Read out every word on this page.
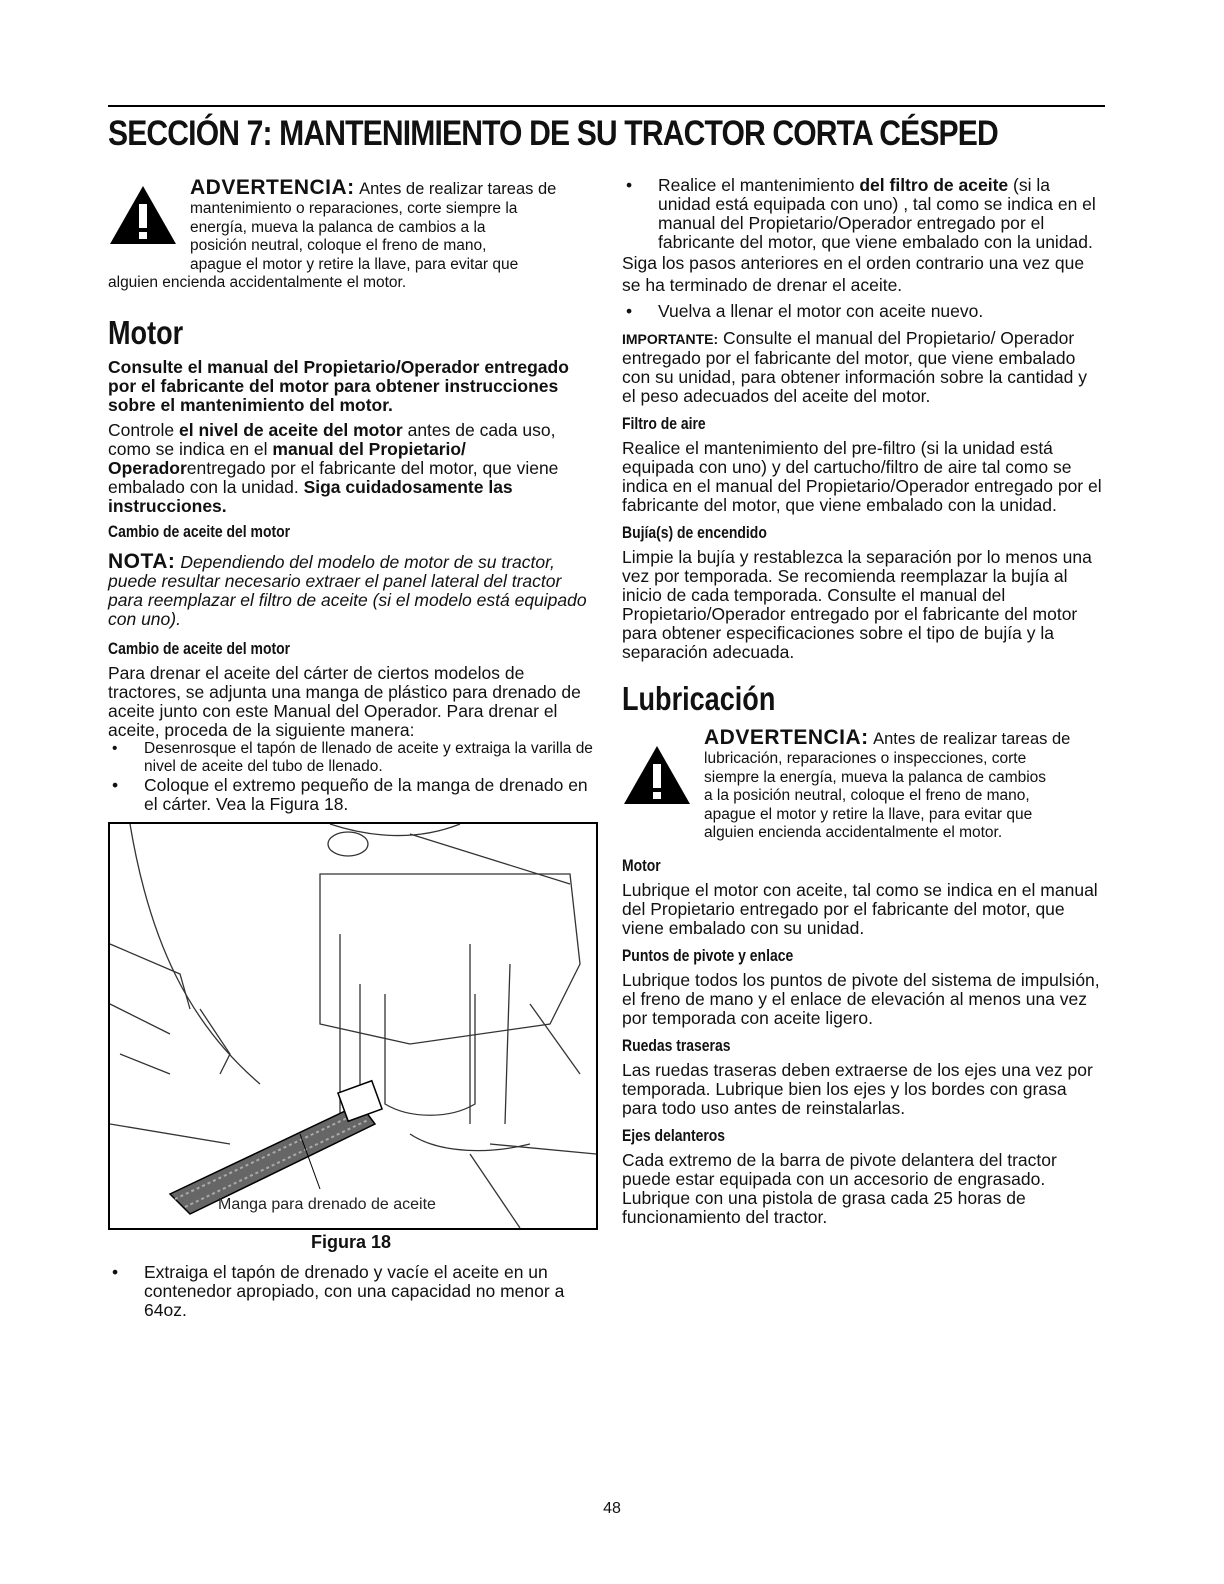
SECCIÓN 7: MANTENIMIENTO DE SU TRACTOR CORTA CÉSPED

ADVERTENCIA: Antes de realizar tareas de

mantenimiento o reparaciones, corte siempre la

energía, mueva la palanca de cambios a la

posición neutral, coloque el freno de mano,

apague el motor y retire la llave, para evitar que

alguien encienda accidentalmente el motor.

Motor

Consulte el manual del Propietario/Operador entregado por el fabricante del motor para obtener instrucciones sobre el mantenimiento del motor.

Controle el nivel de aceite del motor antes de cada uso, como se indica en el manual del Propietario/ Operadorentregado por el fabricante del motor, que viene embalado con la unidad. Siga cuidadosamente las instrucciones.

Cambio de aceite del motor

NOTA: Dependiendo del modelo de motor de su tractor, puede resultar necesario extraer el panel lateral del tractor para reemplazar el filtro de aceite (si el modelo está equipado con uno).

Cambio de aceite del motor

Para drenar el aceite del cárter de ciertos modelos de tractores, se adjunta una manga de plástico para drenado de aceite junto con este Manual del Operador. Para drenar el aceite, proceda de la siguiente manera:

• Desenrosque el tapón de llenado de aceite y extraiga la varilla de nivel de aceite del tubo de llenado.
• Coloque el extremo pequeño de la manga de drenado en el cárter. Vea la Figura 18.
Manga para drenado de aceite
Figura 18
• Extraiga el tapón de drenado y vacíe el aceite en un contenedor apropiado, con una capacidad no menor a 64oz.
• Realice el mantenimiento del filtro de aceite (si la unidad está equipada con uno) , tal como se indica en el manual del Propietario/Operador entregado por el fabricante del motor, que viene embalado con la unidad.

Siga los pasos anteriores en el orden contrario una vez que se ha terminado de drenar el aceite.

• Vuelva a llenar el motor con aceite nuevo.

IMPORTANTE: Consulte el manual del Propietario/ Operador entregado por el fabricante del motor, que viene embalado con su unidad, para obtener información sobre la cantidad y el peso adecuados del aceite del motor.

Filtro de aire

Realice el mantenimiento del pre-filtro (si la unidad está equipada con uno) y del cartucho/filtro de aire tal como se indica en el manual del Propietario/Operador entregado por el fabricante del motor, que viene embalado con la unidad.

Bujía(s) de encendido

Limpie la bujía y restablezca la separación por lo menos una vez por temporada. Se recomienda reemplazar la bujía al inicio de cada temporada. Consulte el manual del Propietario/Operador entregado por el fabricante del motor para obtener especificaciones sobre el tipo de bujía y la separación adecuada.

Lubricación

ADVERTENCIA: Antes de realizar tareas de

lubricación, reparaciones o inspecciones, corte

siempre la energía, mueva la palanca de cambios

a la posición neutral, coloque el freno de mano,

apague el motor y retire la llave, para evitar que

alguien encienda accidentalmente el motor.

Motor

Lubrique el motor con aceite, tal como se indica en el manual del Propietario entregado por el fabricante del motor, que viene embalado con su unidad.

Puntos de pivote y enlace

Lubrique todos los puntos de pivote del sistema de impulsión, el freno de mano y el enlace de elevación al menos una vez por temporada con aceite ligero.

Ruedas traseras

Las ruedas traseras deben extraerse de los ejes una vez por temporada. Lubrique bien los ejes y los bordes con grasa para todo uso antes de reinstalarlas.

Ejes delanteros

Cada extremo de la barra de pivote delantera del tractor puede estar equipada con un accesorio de engrasado. Lubrique con una pistola de grasa cada 25 horas de funcionamiento del tractor.

48
